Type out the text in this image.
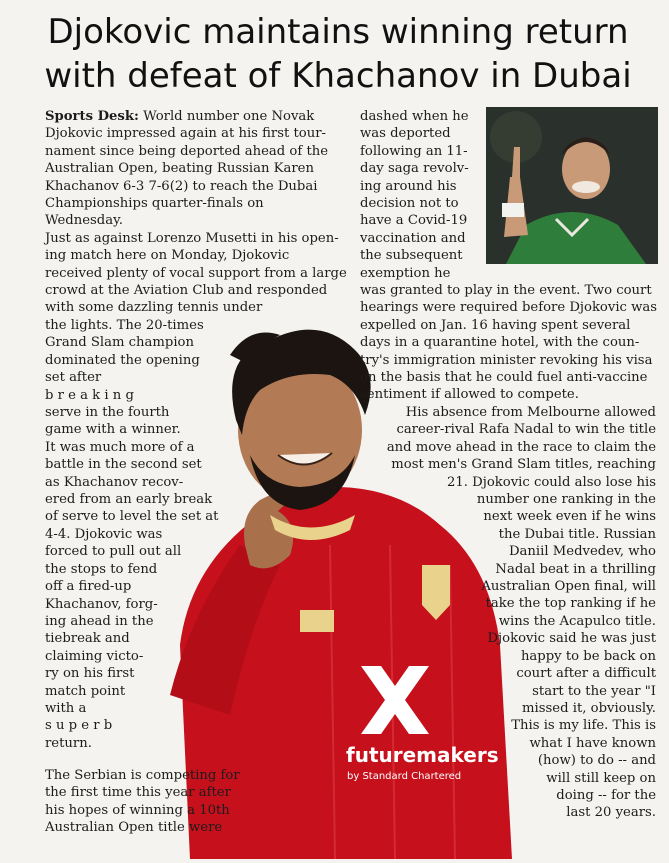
Djokovic maintains winning return
with defeat of Khachanov in Dubai
futuremakers
by Standard Chartered
Sports Desk: World number one Novak
Djokovic impressed again at his first tour-
nament since being deported ahead of the
Australian Open, beating Russian Karen
Khachanov 6-3 7-6(2) to reach the Dubai
Championships quarter-finals on
Wednesday.
Just as against Lorenzo Musetti in his open-
ing match here on Monday, Djokovic
received plenty of vocal support from a large
crowd at the Aviation Club and responded
with some dazzling tennis under
the lights. The 20-times
Grand Slam champion
dominated the opening
set after
b r e a k i n g
serve in the fourth
game with a winner.
It was much more of a
battle in the second set
as Khachanov recov-
ered from an early break
of serve to level the set at
4-4. Djokovic was
forced to pull out all
the stops to fend
off a fired-up
Khachanov, forg-
ing ahead in the
tiebreak and
claiming victo-
ry on his first
match point
with a
s u p e r b
return.
The Serbian is competing for
the first time this year after
his hopes of winning a 10th
Australian Open title were
dashed when he
was deported
following an 11-
day saga revolv-
ing around his
decision not to
have a Covid-19
vaccination and
the subsequent
exemption he
was granted to play in the event. Two court
hearings were required before Djokovic was
expelled on Jan. 16 having spent several
days in a quarantine hotel, with the coun-
try's immigration minister revoking his visa
on the basis that he could fuel anti-vaccine
sentiment if allowed to compete.
His absence from Melbourne allowed
career-rival Rafa Nadal to win the title
and move ahead in the race to claim the
most men's Grand Slam titles, reaching
21. Djokovic could also lose his
number one ranking in the
next week even if he wins
the Dubai title. Russian
Daniil Medvedev, who
Nadal beat in a thrilling
Australian Open final, will
take the top ranking if he
wins the Acapulco title.
Djokovic said he was just
happy to be back on
court after a difficult
start to the year "I
missed it, obviously.
This is my life. This is
what I have known
(how) to do -- and
will still keep on
doing -- for the
last 20 years.
